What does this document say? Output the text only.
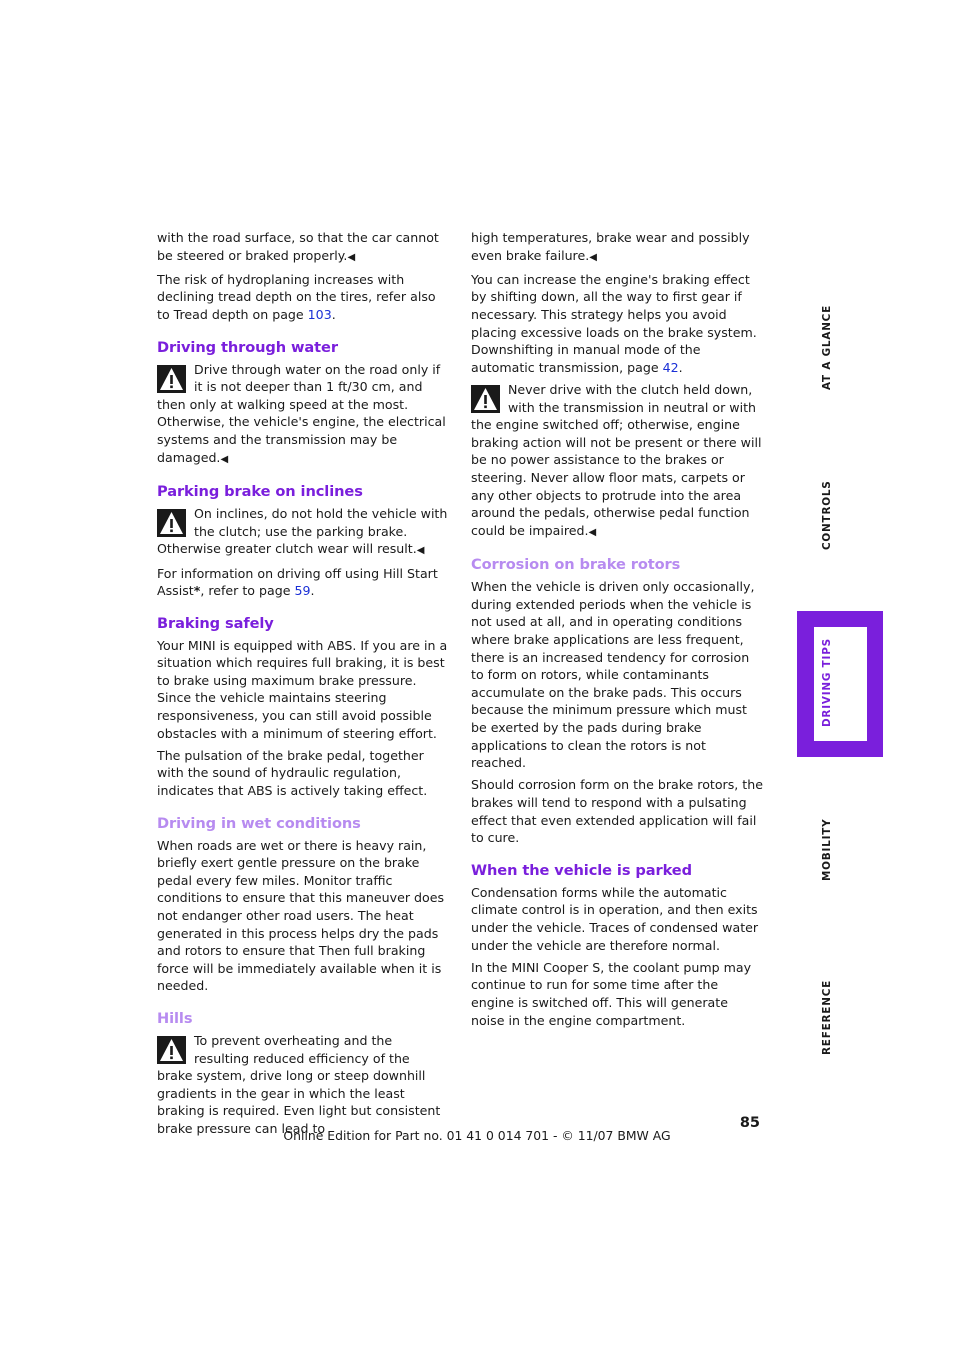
with the road surface, so that the car cannot be steered or braked properly.◀

The risk of hydroplaning increases with declining tread depth on the tires, refer also to Tread depth on page 103.

Driving through water
Drive through water on the road only if it is not deeper than 1 ft/30 cm, and then only at walking speed at the most. Otherwise, the vehicle's engine, the electrical systems and the transmission may be damaged.◀
Parking brake on inclines
On inclines, do not hold the vehicle with the clutch; use the parking brake. Otherwise greater clutch wear will result.◀

For information on driving off using Hill Start Assist*, refer to page 59.

Braking safely

Your MINI is equipped with ABS. If you are in a situation which requires full braking, it is best to brake using maximum brake pressure. Since the vehicle maintains steering responsiveness, you can still avoid possible obstacles with a minimum of steering effort.

The pulsation of the brake pedal, together with the sound of hydraulic regulation, indicates that ABS is actively taking effect.

Driving in wet conditions

When roads are wet or there is heavy rain, briefly exert gentle pressure on the brake pedal every few miles. Monitor traffic conditions to ensure that this maneuver does not endanger other road users. The heat generated in this process helps dry the pads and rotors to ensure that Then full braking force will be immediately available when it is needed.

Hills
To prevent overheating and the resulting reduced efficiency of the brake system, drive long or steep downhill gradients in the gear in which the least braking is required. Even light but consistent brake pressure can lead to

high temperatures, brake wear and possibly even brake failure.◀

You can increase the engine's braking effect by shifting down, all the way to first gear if necessary. This strategy helps you avoid placing excessive loads on the brake system. Downshifting in manual mode of the automatic transmission, page 42.

Never drive with the clutch held down, with the transmission in neutral or with the engine switched off; otherwise, engine braking action will not be present or there will be no power assistance to the brakes or steering. Never allow floor mats, carpets or any other objects to protrude into the area around the pedals, otherwise pedal function could be impaired.◀
Corrosion on brake rotors

When the vehicle is driven only occasionally, during extended periods when the vehicle is not used at all, and in operating conditions where brake applications are less frequent, there is an increased tendency for corrosion to form on rotors, while contaminants accumulate on the brake pads. This occurs because the minimum pressure which must be exerted by the pads during brake applications to clean the rotors is not reached.

Should corrosion form on the brake rotors, the brakes will tend to respond with a pulsating effect that even extended application will fail to cure.

When the vehicle is parked

Condensation forms while the automatic climate control is in operation, and then exits under the vehicle. Traces of condensed water under the vehicle are therefore normal.

In the MINI Cooper S, the coolant pump may continue to run for some time after the engine is switched off. This will generate noise in the engine compartment.

AT A GLANCE
CONTROLS
DRIVING TIPS
MOBILITY
REFERENCE
85
Online Edition for Part no. 01 41 0 014 701 - © 11/07 BMW AG
